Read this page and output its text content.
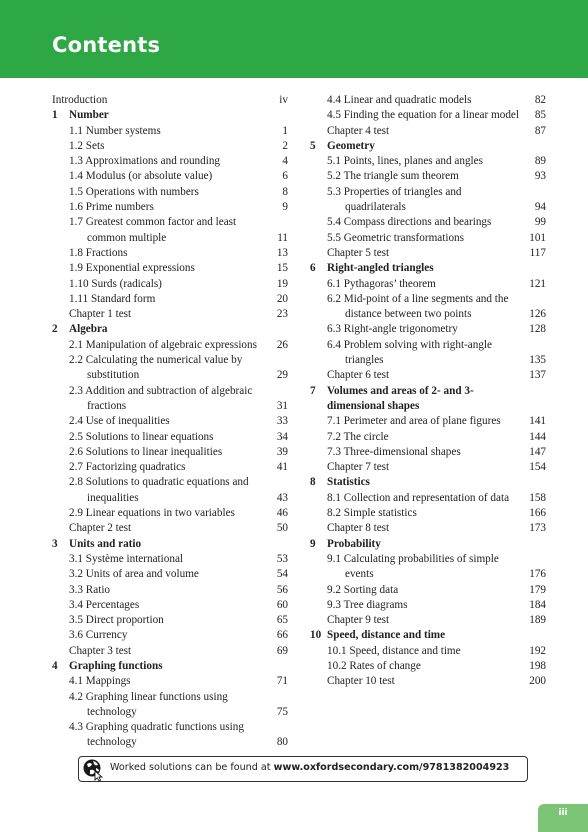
Contents
Introduction	iv
1 Number
1.1 Number systems	1
1.2 Sets	2
1.3 Approximations and rounding	4
1.4 Modulus (or absolute value)	6
1.5 Operations with numbers	8
1.6 Prime numbers	9
1.7 Greatest common factor and least common multiple	11
1.8 Fractions	13
1.9 Exponential expressions	15
1.10 Surds (radicals)	19
1.11 Standard form	20
Chapter 1 test	23
2 Algebra
2.1 Manipulation of algebraic expressions	26
2.2 Calculating the numerical value by substitution	29
2.3 Addition and subtraction of algebraic fractions	31
2.4 Use of inequalities	33
2.5 Solutions to linear equations	34
2.6 Solutions to linear inequalities	39
2.7 Factorizing quadratics	41
2.8 Solutions to quadratic equations and inequalities	43
2.9 Linear equations in two variables	46
Chapter 2 test	50
3 Units and ratio
3.1 Système international	53
3.2 Units of area and volume	54
3.3 Ratio	56
3.4 Percentages	60
3.5 Direct proportion	65
3.6 Currency	66
Chapter 3 test	69
4 Graphing functions
4.1 Mappings	71
4.2 Graphing linear functions using technology	75
4.3 Graphing quadratic functions using technology	80
4.4 Linear and quadratic models	82
4.5 Finding the equation for a linear model	85
Chapter 4 test	87
5 Geometry
5.1 Points, lines, planes and angles	89
5.2 The triangle sum theorem	93
5.3 Properties of triangles and quadrilaterals	94
5.4 Compass directions and bearings	99
5.5 Geometric transformations	101
Chapter 5 test	117
6 Right-angled triangles
6.1 Pythagoras’ theorem	121
6.2 Mid-point of a line segments and the distance between two points	126
6.3 Right-angle trigonometry	128
6.4 Problem solving with right-angle triangles	135
Chapter 6 test	137
7 Volumes and areas of 2- and 3-dimensional shapes
7.1 Perimeter and area of plane figures	141
7.2 The circle	144
7.3 Three-dimensional shapes	147
Chapter 7 test	154
8 Statistics
8.1 Collection and representation of data	158
8.2 Simple statistics	166
Chapter 8 test	173
9 Probability
9.1 Calculating probabilities of simple events	176
9.2 Sorting data	179
9.3 Tree diagrams	184
Chapter 9 test	189
10 Speed, distance and time
10.1 Speed, distance and time	192
10.2 Rates of change	198
Chapter 10 test	200
Worked solutions can be found at www.oxfordsecondary.com/9781382004923
iii
